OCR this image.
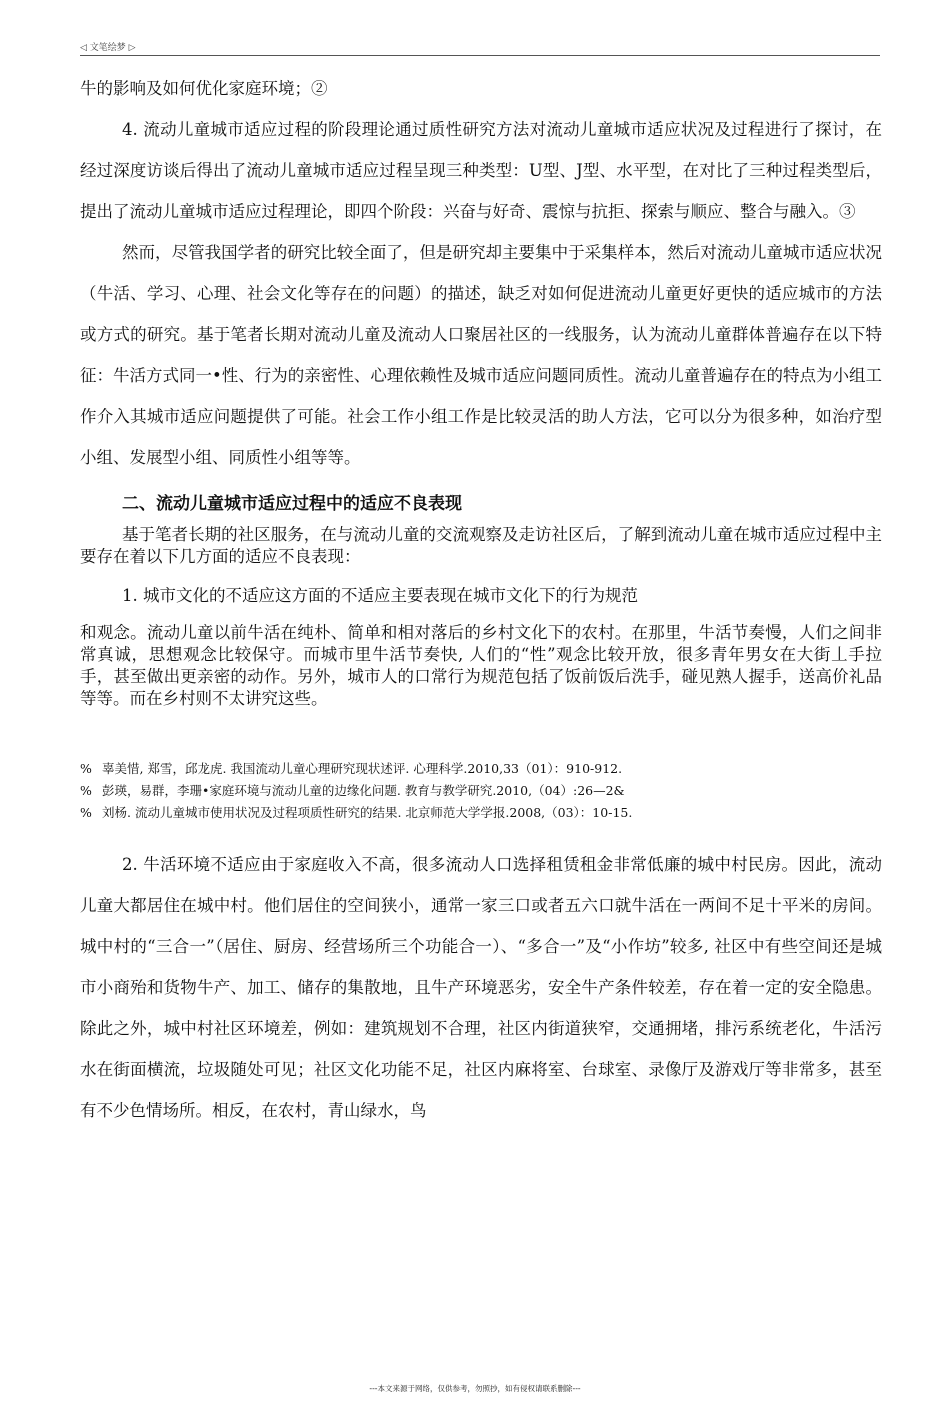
◁ 文笔绘梦 ▷

牛的影响及如何优化家庭环境；②

4. 流动儿童城市适应过程的阶段理论通过质性研究方法对流动儿童城市适应状况及过程进行了探讨，在经过深度访谈后得出了流动儿童城市适应过程呈现三种类型：U型、J型、水平型，在对比了三种过程类型后，提出了流动儿童城市适应过程理论，即四个阶段：兴奋与好奇、震惊与抗拒、探索与顺应、整合与融入。③

然而，尽管我国学者的研究比较全面了，但是研究却主要集中于采集样本，然后对流动儿童城市适应状况（牛活、学习、心理、社会文化等存在的问题）的描述，缺乏对如何促进流动儿童更好更快的适应城市的方法或方式的研究。基于笔者长期对流动儿童及流动人口聚居社区的一线服务，认为流动儿童群体普遍存在以下特征：牛活方式同一•性、行为的亲密性、心理依赖性及城市适应问题同质性。流动儿童普遍存在的特点为小组工作介入其城市适应问题提供了可能。社会工作小组工作是比较灵活的助人方法，它可以分为很多种，如治疗型小组、发展型小组、同质性小组等等。

二、流动儿童城市适应过程中的适应不良表现

基于笔者长期的社区服务，在与流动儿童的交流观察及走访社区后，了解到流动儿童在城市适应过程中主要存在着以下几方面的适应不良表现：

1. 城市文化的不适应这方面的不适应主要表现在城市文化下的行为规范

和观念。流动儿童以前牛活在纯朴、简单和相对落后的乡村文化下的农村。在那里，牛活节奏慢，人们之间非常真诚，思想观念比较保守。而城市里牛活节奏快, 人们的“性”观念比较开放，很多青年男女在大街丄手拉手，甚至做出更亲密的动作。另外，城市人的口常行为规范包括了饭前饭后洗手，碰见熟人握手，送高价礼品等等。而在乡村则不太讲究这些。

% 辜美惜, 郑雪，邱龙虎. 我国流动儿童心理研究现状述评. 心理科学.2010,33（01）：910-912.
% 彭瑛，易群，李珊•家庭环境与流动儿童的边缘化问题. 教育与教学研究.2010,（04）:26—2&
% 刘杨. 流动儿童城市使用状况及过程项质性研究的结果. 北京师范大学学报.2008,（03）：10-15.

2. 牛活环境不适应由于家庭收入不高，很多流动人口选择租赁租金非常低廉的城中村民房。因此，流动儿童大都居住在城中村。他们居住的空间狭小，通常一家三口或者五六口就牛活在一两间不足十平米的房间。城中村的“三合一”（居住、厨房、经营场所三个功能合一）、“多合一”及“小作坊”较多, 社区中有些空间还是城市小商殆和货物牛产、加工、储存的集散地，且牛产环境恶劣，安全牛产条件较差，存在着一定的安全隐患。除此之外，城中村社区环境差，例如：建筑规划不合理，社区内街道狭窄，交通拥堵，排污系统老化，牛活污水在街面横流，垃圾随处可见；社区文化功能不足，社区内麻将室、台球室、录像厅及游戏厅等非常多，甚至有不少色情场所。相反，在农村，青山绿水，鸟

---本文来源于网络，仅供参考，勿照抄，如有侵权请联系删除---
